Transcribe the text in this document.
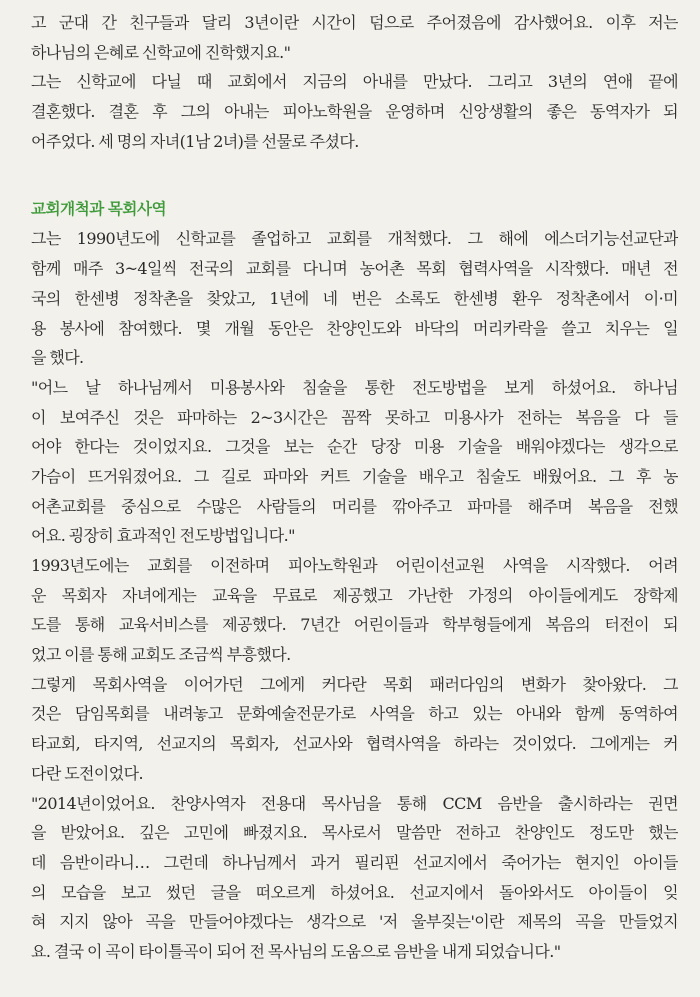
고 군대 간 친구들과 달리 3년이란 시간이 덤으로 주어졌음에 감사했어요. 이후 저는
하나님의 은혜로 신학교에 진학했지요."
그는 신학교에 다닐 때 교회에서 지금의 아내를 만났다. 그리고 3년의 연애 끝에
결혼했다. 결혼 후 그의 아내는 피아노학원을 운영하며 신앙생활의 좋은 동역자가 되
어주었다. 세 명의 자녀(1남 2녀)를 선물로 주셨다.
교회개척과 목회사역
그는 1990년도에 신학교를 졸업하고 교회를 개척했다. 그 해에 에스더기능선교단과
함께 매주 3~4일씩 전국의 교회를 다니며 농어촌 목회 협력사역을 시작했다. 매년 전
국의 한센병 정착촌을 찾았고, 1년에 네 번은 소록도 한센병 환우 정착촌에서 이·미
용 봉사에 참여했다. 몇 개월 동안은 찬양인도와 바닥의 머리카락을 쓸고 치우는 일
을 했다.
"어느 날 하나님께서 미용봉사와 침술을 통한 전도방법을 보게 하셨어요. 하나님
이 보여주신 것은 파마하는 2~3시간은 꼼짝 못하고 미용사가 전하는 복음을 다 들
어야 한다는 것이었지요. 그것을 보는 순간 당장 미용 기술을 배워야겠다는 생각으로
가슴이 뜨거워졌어요. 그 길로 파마와 커트 기술을 배우고 침술도 배웠어요. 그 후 농
어촌교회를 중심으로 수많은 사람들의 머리를 깎아주고 파마를 해주며 복음을 전했
어요. 굉장히 효과적인 전도방법입니다."
1993년도에는 교회를 이전하며 피아노학원과 어린이선교원 사역을 시작했다. 어려
운 목회자 자녀에게는 교육을 무료로 제공했고 가난한 가정의 아이들에게도 장학제
도를 통해 교육서비스를 제공했다. 7년간 어린이들과 학부형들에게 복음의 터전이 되
었고 이를 통해 교회도 조금씩 부흥했다.
그렇게 목회사역을 이어가던 그에게 커다란 목회 패러다임의 변화가 찾아왔다. 그
것은 담임목회를 내려놓고 문화예술전문가로 사역을 하고 있는 아내와 함께 동역하여
타교회, 타지역, 선교지의 목회자, 선교사와 협력사역을 하라는 것이었다. 그에게는 커
다란 도전이었다.
"2014년이었어요. 찬양사역자 전용대 목사님을 통해 CCM 음반을 출시하라는 권면
을 받았어요. 깊은 고민에 빠졌지요. 목사로서 말씀만 전하고 찬양인도 정도만 했는
데 음반이라니… 그런데 하나님께서 과거 필리핀 선교지에서 죽어가는 현지인 아이들
의 모습을 보고 썼던 글을 떠오르게 하셨어요. 선교지에서 돌아와서도 아이들이 잊
혀 지지 않아 곡을 만들어야겠다는 생각으로 '저 울부짖는'이란 제목의 곡을 만들었지
요. 결국 이 곡이 타이틀곡이 되어 전 목사님의 도움으로 음반을 내게 되었습니다."
